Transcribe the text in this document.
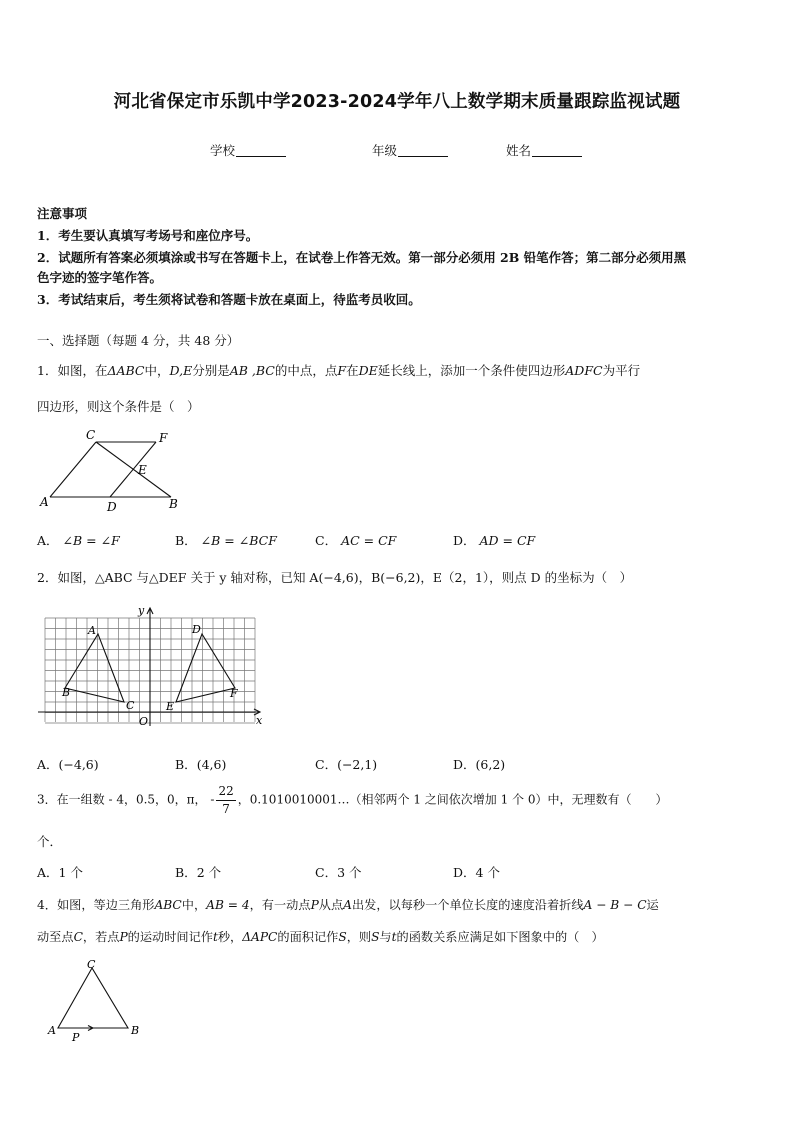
河北省保定市乐凯中学2023-2024学年八上数学期末质量跟踪监视试题
学校	年级	姓名
注意事项
1．考生要认真填写考场号和座位序号。
2．试题所有答案必须填涂或书写在答题卡上，在试卷上作答无效。第一部分必须用 2B 铅笔作答；第二部分必须用黑
色字迹的签字笔作答。
3．考试结束后，考生须将试卷和答题卡放在桌面上，待监考员收回。
一、选择题（每题 4 分，共 48 分）
1．如图，在ΔABC中，D,E分别是AB ,BC的中点，点F在DE延长线上，添加一个条件使四边形ADFC为平行
四边形，则这个条件是（　）
C	F
E
A	D	B
A． ∠B = ∠F	B． ∠B = ∠BCF	C． AC = CF	D． AD = CF
2．如图，△ABC 与△DEF 关于 y 轴对称，已知 A(−4,6)，B(−6,2)，E（2，1），则点 D 的坐标为（　）
y
x
O
A
B
C
D
E
F
A．(−4,6)	B．(4,6)	C．(−2,1)	D．(6,2)
3．在一组数 - 4，0.5，0，π， - $\frac{22}{7}$ ，0.1010010001…（相邻两个 1 之间依次增加 1 个 0）中，无理数有（　　）
个．
A．1 个	B．2 个	C．3 个	D．4 个
4．如图，等边三角形ABC中，AB = 4，有一动点P从点A出发，以每秒一个单位长度的速度沿着折线A − B − C运
动至点C，若点P的运动时间记作t秒，ΔAPC的面积记作S，则S与t的函数关系应满足如下图象中的（　）
C
A	B
P
